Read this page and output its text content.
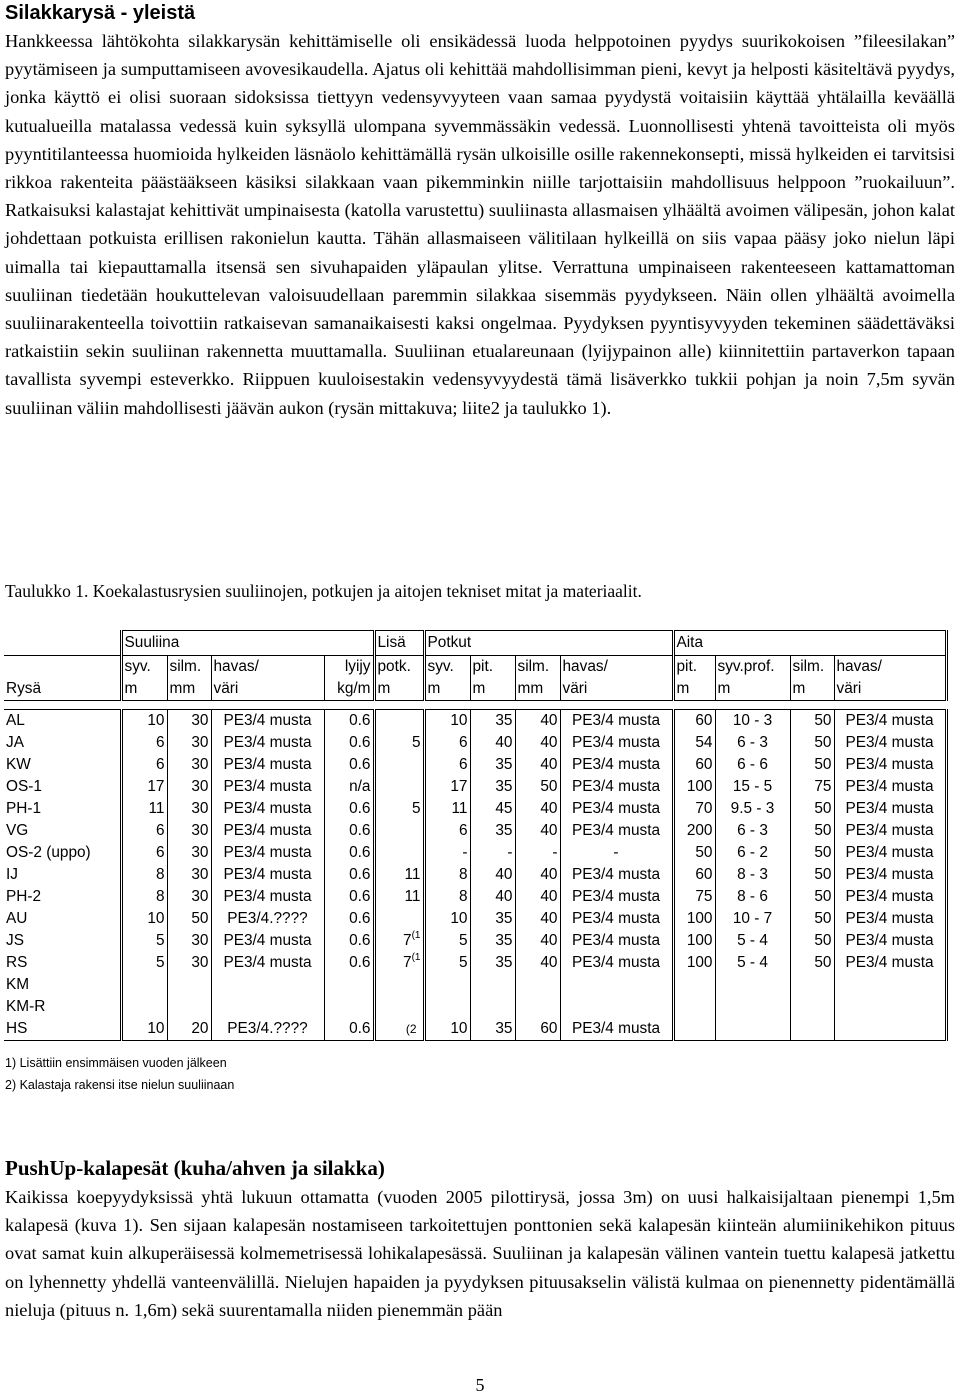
Silakkarysä - yleistä

Hankkeessa lähtökohta silakkarysän kehittämiselle oli ensikädessä luoda helppotoinen pyydys suurikokoisen ”fileesilakan” pyytämiseen ja sumputtamiseen avovesikaudella. Ajatus oli kehittää mahdollisimman pieni, kevyt ja helposti käsiteltävä pyydys, jonka käyttö ei olisi suoraan sidoksissa tiettyyn vedensyvyyteen vaan samaa pyydystä voitaisiin käyttää yhtälailla keväällä kutualueilla matalassa vedessä kuin syksyllä ulompana syvemmässäkin vedessä. Luonnollisesti yhtenä tavoitteista oli myös pyyntitilanteessa huomioida hylkeiden läsnäolo kehittämällä rysän ulkoisille osille rakennekonsepti, missä hylkeiden ei tarvitsisi rikkoa rakenteita päästääkseen käsiksi silakkaan vaan pikemminkin niille tarjottaisiin mahdollisuus helppoon ”ruokailuun”. Ratkaisuksi kalastajat kehittivät umpinaisesta (katolla varustettu) suuliinasta allasmaisen ylhäältä avoimen välipesän, johon kalat johdettaan potkuista erillisen rakonielun kautta. Tähän allasmaiseen välitilaan hylkeillä on siis vapaa pääsy joko nielun läpi uimalla tai kiepauttamalla itsensä sen sivuhapaiden yläpaulan ylitse. Verrattuna umpinaiseen rakenteeseen kattamattoman suuliinan tiedetään houkuttelevan valoisuudellaan paremmin silakkaa sisemmäs pyydykseen. Näin ollen ylhäältä avoimella suuliinarakenteella toivottiin ratkaisevan samanaikaisesti kaksi ongelmaa. Pyydyksen pyyntisyvyyden tekeminen säädettäväksi ratkaistiin sekin suuliinan rakennetta muuttamalla. Suuliinan etualareunaan (lyijypainon alle) kiinnitettiin partaverkon tapaan tavallista syvempi esteverkko. Riippuen kuuloisestakin vedensyvyydestä tämä lisäverkko tukkii pohjan ja noin 7,5m syvän suuliinan väliin mahdollisesti jäävän aukon (rysän mittakuva; liite2 ja taulukko 1).

Taulukko 1. Koekalastusrysien suuliinojen, potkujen ja aitojen tekniset mitat ja materiaalit.

	Suuliina				Lisä	Potkut				Aita			
	syv.	silm.	havas/	lyijy	potk.	syv.	pit.	silm.	havas/	pit.	syv.prof.	silm.	havas/
Rysä	m	mm	väri	kg/m	m	m	m	mm	väri	m	m	m	väri

AL	10	30	PE3/4 musta	0.6		10	35	40	PE3/4 musta	60	10 - 3	50	PE3/4 musta
JA	6	30	PE3/4 musta	0.6	5	6	40	40	PE3/4 musta	54	6 - 3	50	PE3/4 musta
KW	6	30	PE3/4 musta	0.6		6	35	40	PE3/4 musta	60	6 - 6	50	PE3/4 musta
OS-1	17	30	PE3/4 musta	n/a		17	35	50	PE3/4 musta	100	15 - 5	75	PE3/4 musta
PH-1	11	30	PE3/4 musta	0.6	5	11	45	40	PE3/4 musta	70	9.5 - 3	50	PE3/4 musta
VG	6	30	PE3/4 musta	0.6		6	35	40	PE3/4 musta	200	6 - 3	50	PE3/4 musta
OS-2 (uppo)	6	30	PE3/4 musta	0.6		-	-	-	-	50	6 - 2	50	PE3/4 musta
IJ	8	30	PE3/4 musta	0.6	11	8	40	40	PE3/4 musta	60	8 - 3	50	PE3/4 musta
PH-2	8	30	PE3/4 musta	0.6	11	8	40	40	PE3/4 musta	75	8 - 6	50	PE3/4 musta
AU	10	50	PE3/4.????	0.6		10	35	40	PE3/4 musta	100	10 - 7	50	PE3/4 musta
JS	5	30	PE3/4 musta	0.6	7$^{(1}$	5	35	40	PE3/4 musta	100	5 - 4	50	PE3/4 musta
RS	5	30	PE3/4 musta	0.6	7$^{(1}$	5	35	40	PE3/4 musta	100	5 - 4	50	PE3/4 musta
KM													
KM-R													
HS	10	20	PE3/4.????	0.6	(2	10	35	60	PE3/4 musta				
1) Lisättiin ensimmäisen vuoden jälkeen
2) Kalastaja rakensi itse nielun suuliinaan
PushUp-kalapesät (kuha/ahven ja silakka)

Kaikissa koepyydyksissä yhtä lukuun ottamatta (vuoden 2005 pilottirysä, jossa 3m) on uusi halkaisijaltaan pienempi 1,5m kalapesä (kuva 1). Sen sijaan kalapesän nostamiseen tarkoitettujen ponttonien sekä kalapesän kiinteän alumiinikehikon pituus ovat samat kuin alkuperäisessä kolmemetrisessä lohikalapesässä. Suuliinan ja kalapesän välinen vantein tuettu kalapesä jatkettu on lyhennetty yhdellä vanteenvälillä. Nielujen hapaiden ja pyydyksen pituusakselin välistä kulmaa on pienennetty pidentämällä nieluja (pituus n. 1,6m) sekä suurentamalla niiden pienemmän pään

5
